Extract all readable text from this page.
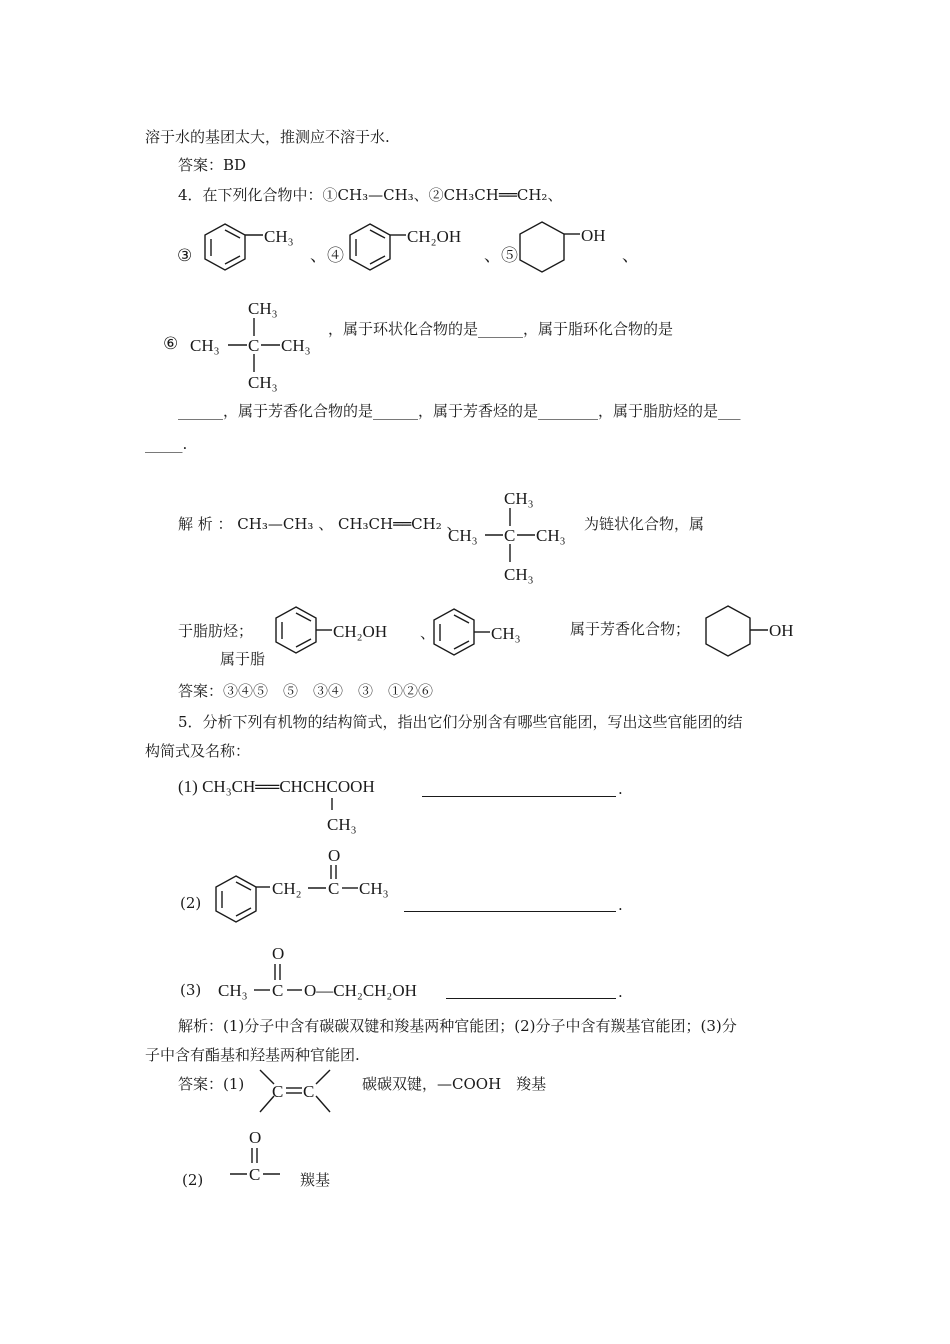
溶于水的基团太大，推测应不溶于水.
答案：BD
4．在下列化合物中：①CH₃—CH₃、②CH₃CH══CH₂、
③
CH₃
、④
CH₂OH
、⑤
OH
、
⑥
CH₃
CH₃ C CH₃
CH₃
，属于环状化合物的是______，属于脂环化合物的是
______，属于芳香化合物的是______，属于芳香烃的是________，属于脂肪烃的是___
_____.
解 析 ： CH₃—CH₃ 、 CH₃CH══CH₂ 、
CH₃
CH₃ C CH₃
CH₃
为链状化合物，属
于脂肪烃；	CH₂OH 、	CH₃	属于芳香化合物；	OH
属于脂
答案：③④⑤　⑤　③④　③　①②⑥
5．分析下列有机物的结构简式，指出它们分别含有哪些官能团，写出这些官能团的结
构简式及名称：
(1) CH₃CH══CHCHCOOH
CH₃
.
(2)
CH₂ C
O
CH₃
.
(3) CH₃ C
O
O—CH₂CH₂OH	.
解析：(1)分子中含有碳碳双键和羧基两种官能团；(2)分子中含有羰基官能团；(3)分
子中含有酯基和羟基两种官能团.
答案：(1) C C	碳碳双键，—COOH　羧基
(2)
O
C	羰基
